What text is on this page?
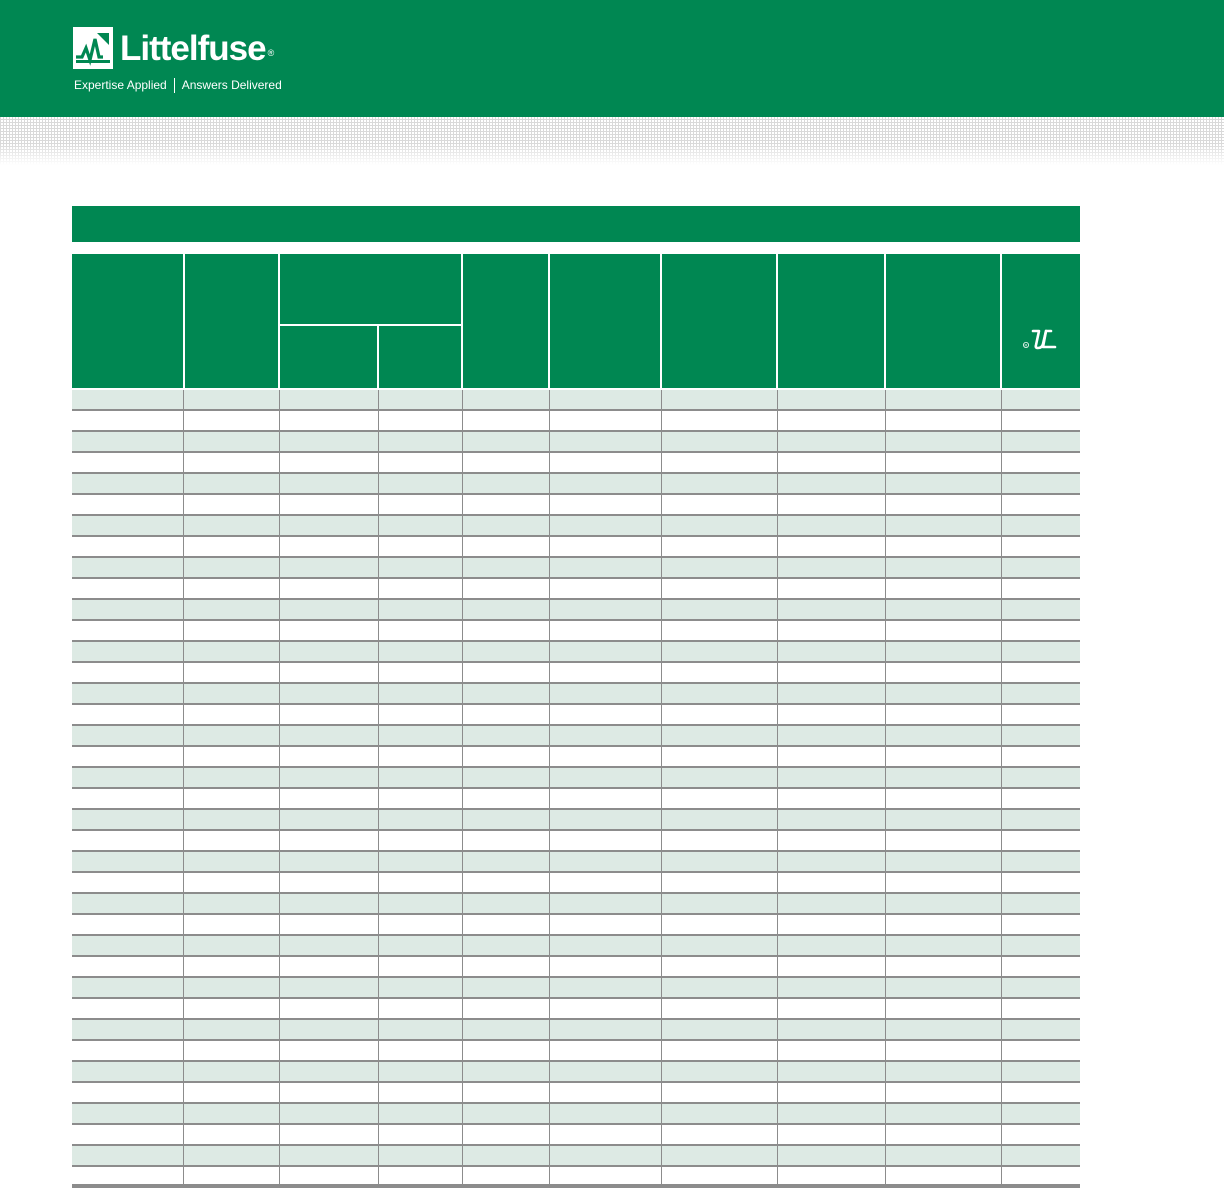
Littelfuse ®
Expertise Applied Answers Delivered
R
